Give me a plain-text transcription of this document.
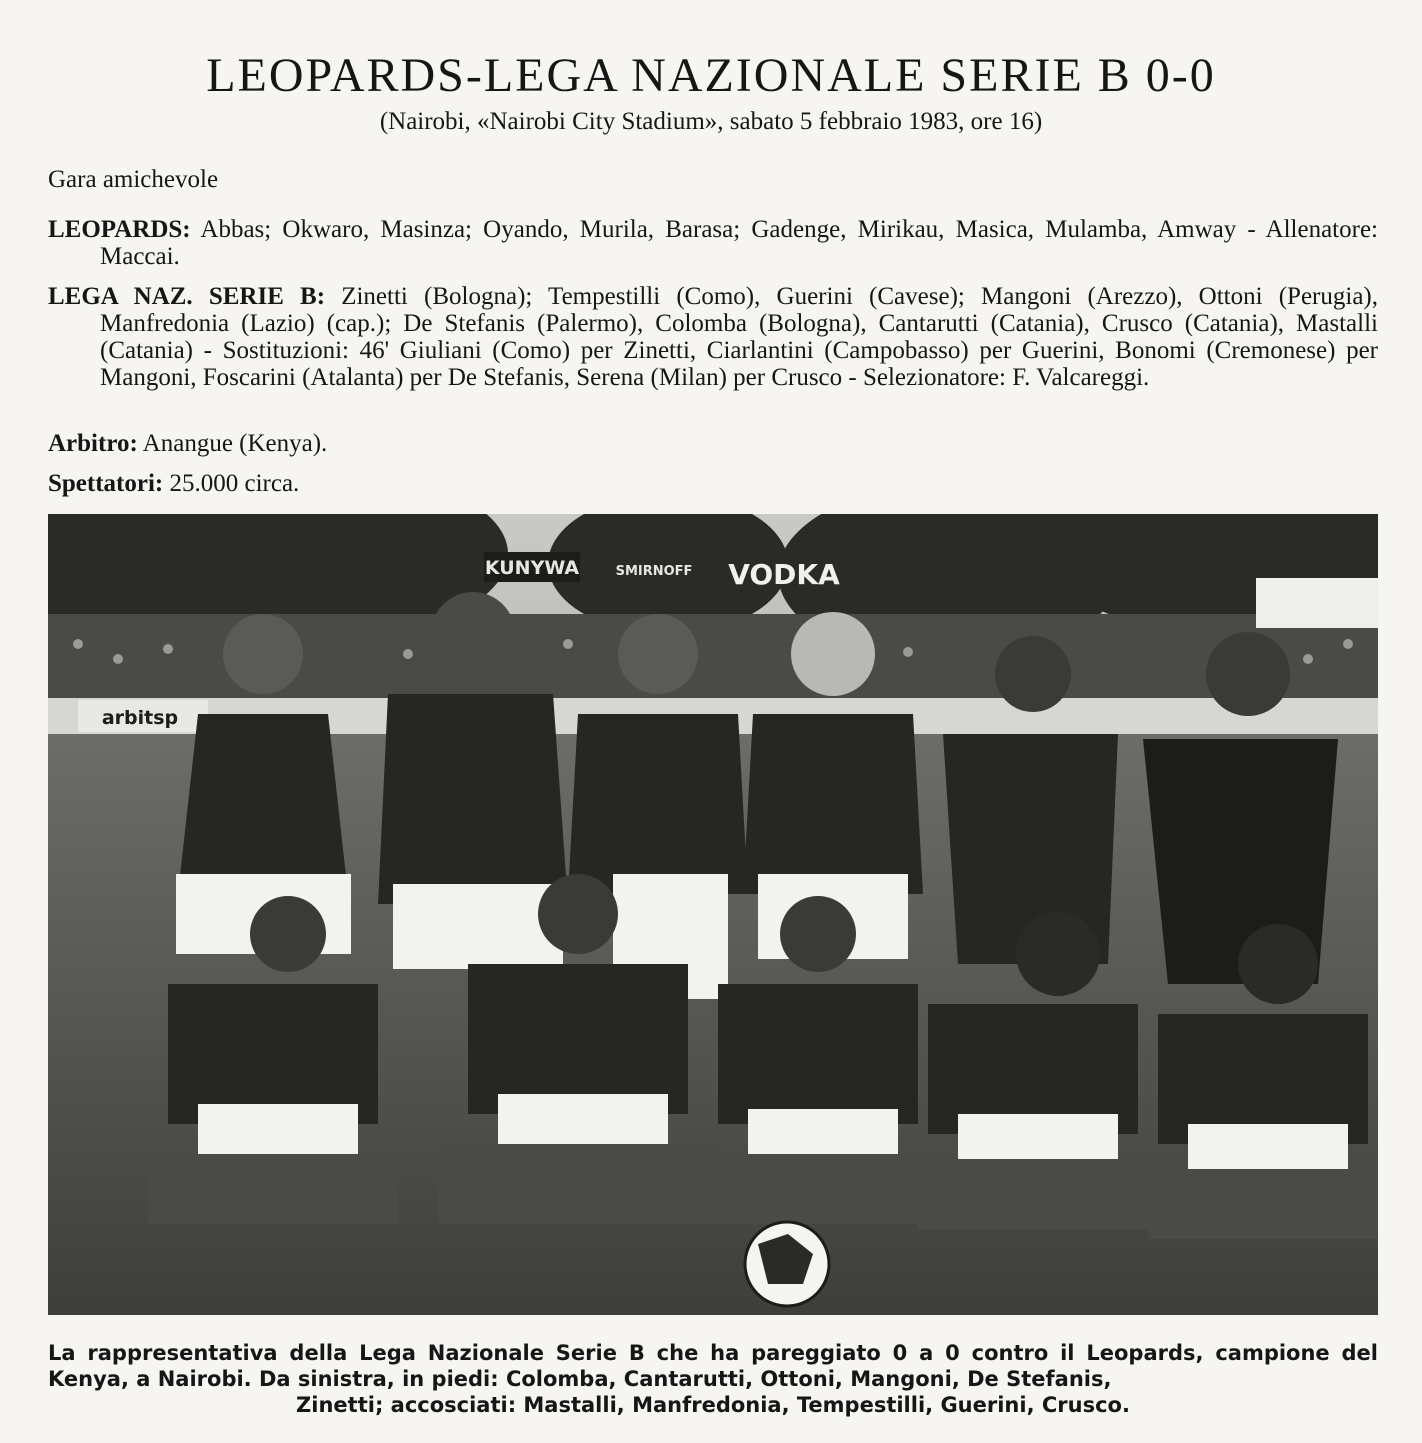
LEOPARDS-LEGA NAZIONALE SERIE B 0-0

(Nairobi, «Nairobi City Stadium», sabato 5 febbraio 1983, ore 16)

Gara amichevole

LEOPARDS: Abbas; Okwaro, Masinza; Oyando, Murila, Barasa; Gadenge, Mirikau, Masica, Mulamba, Amway - Allenatore: Maccai.

LEGA NAZ. SERIE B: Zinetti (Bologna); Tempestilli (Como), Guerini (Cavese); Mangoni (Arezzo), Ottoni (Perugia), Manfredonia (Lazio) (cap.); De Stefanis (Palermo), Colomba (Bologna), Cantarutti (Catania), Crusco (Catania), Mastalli (Catania) - Sostituzioni: 46' Giuliani (Como) per Zinetti, Ciarlantini (Campobasso) per Guerini, Bonomi (Cremonese) per Mangoni, Foscarini (Atalanta) per De Stefanis, Serena (Milan) per Crusco - Selezionatore: F. Valcareggi.

Arbitro: Anangue (Kenya).

Spettatori: 25.000 circa.

KUNYWA	SMIRNOFF VODKA
arbitsp

La rappresentativa della Lega Nazionale Serie B che ha pareggiato 0 a 0 contro il Leopards, campione del Kenya, a Nairobi. Da sinistra, in piedi: Colomba, Cantarutti, Ottoni, Mangoni, De Stefanis,
Zinetti; accosciati: Mastalli, Manfredonia, Tempestilli, Guerini, Crusco.
